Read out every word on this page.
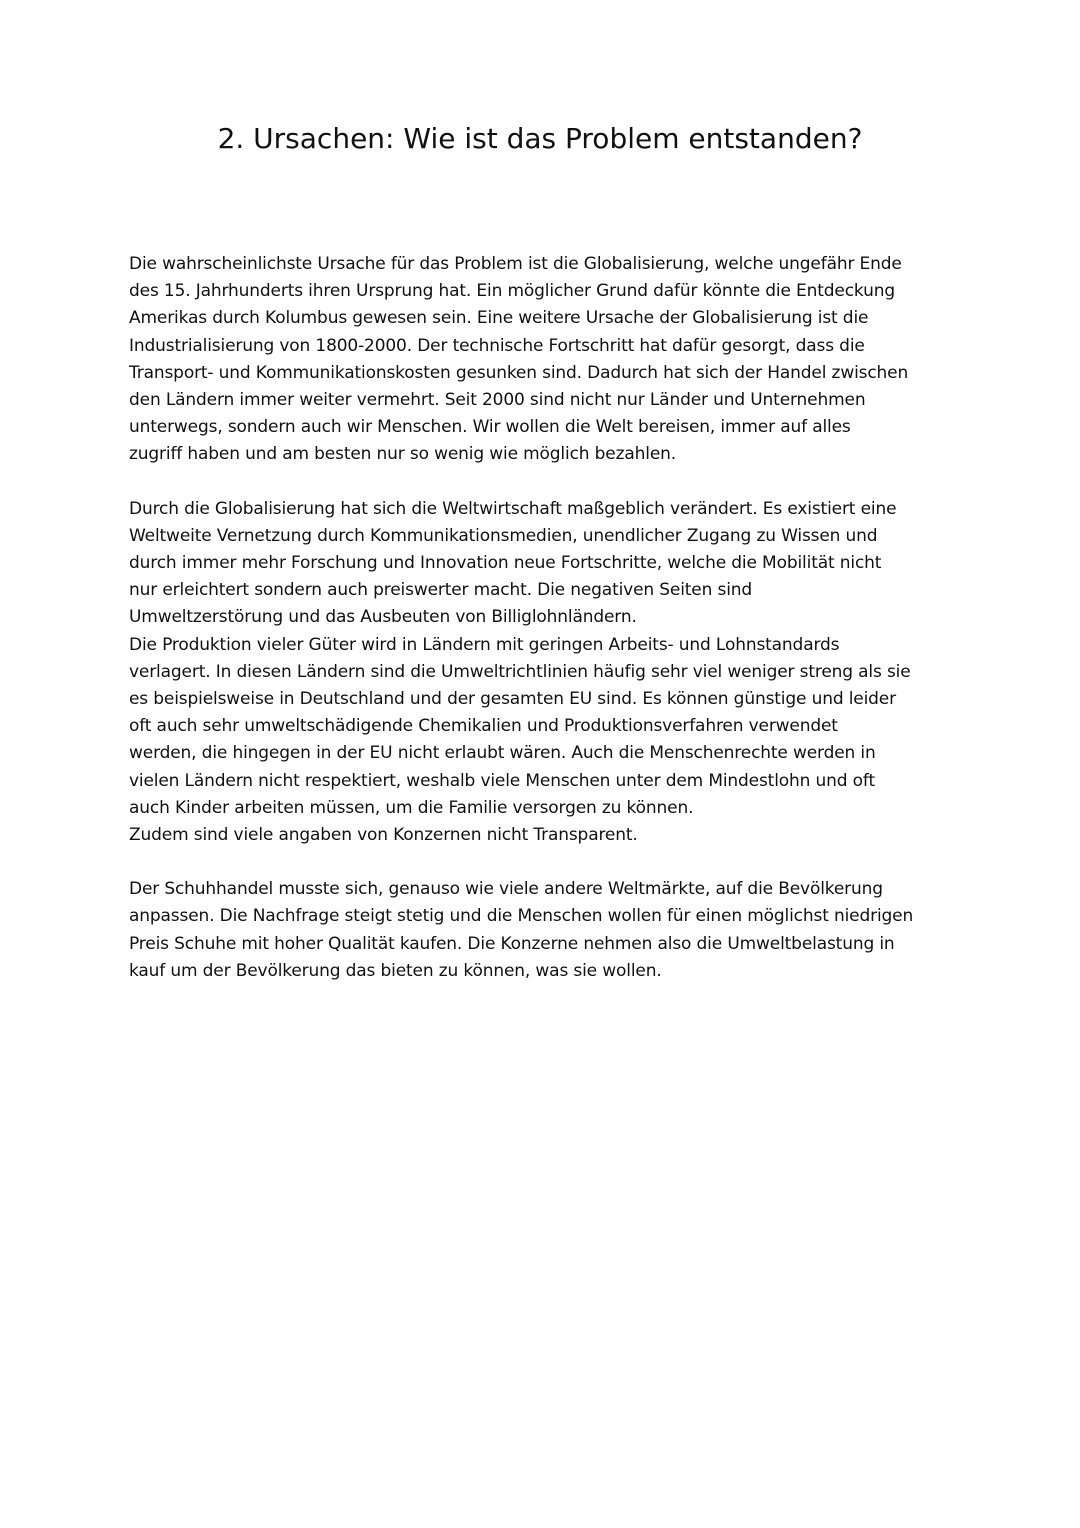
2. Ursachen: Wie ist das Problem entstanden?

Die wahrscheinlichste Ursache für das Problem ist die Globalisierung, welche ungefähr Ende
des 15. Jahrhunderts ihren Ursprung hat. Ein möglicher Grund dafür könnte die Entdeckung
Amerikas durch Kolumbus gewesen sein. Eine weitere Ursache der Globalisierung ist die
Industrialisierung von 1800-2000. Der technische Fortschritt hat dafür gesorgt, dass die
Transport- und Kommunikationskosten gesunken sind. Dadurch hat sich der Handel zwischen
den Ländern immer weiter vermehrt. Seit 2000 sind nicht nur Länder und Unternehmen
unterwegs, sondern auch wir Menschen. Wir wollen die Welt bereisen, immer auf alles
zugriff haben und am besten nur so wenig wie möglich bezahlen.

Durch die Globalisierung hat sich die Weltwirtschaft maßgeblich verändert. Es existiert eine
Weltweite Vernetzung durch Kommunikationsmedien, unendlicher Zugang zu Wissen und
durch immer mehr Forschung und Innovation neue Fortschritte, welche die Mobilität nicht
nur erleichtert sondern auch preiswerter macht. Die negativen Seiten sind
Umweltzerstörung und das Ausbeuten von Billiglohnländern.
Die Produktion vieler Güter wird in Ländern mit geringen Arbeits- und Lohnstandards
verlagert. In diesen Ländern sind die Umweltrichtlinien häufig sehr viel weniger streng als sie
es beispielsweise in Deutschland und der gesamten EU sind. Es können günstige und leider
oft auch sehr umweltschädigende Chemikalien und Produktionsverfahren verwendet
werden, die hingegen in der EU nicht erlaubt wären. Auch die Menschenrechte werden in
vielen Ländern nicht respektiert, weshalb viele Menschen unter dem Mindestlohn und oft
auch Kinder arbeiten müssen, um die Familie versorgen zu können.
Zudem sind viele angaben von Konzernen nicht Transparent.

Der Schuhhandel musste sich, genauso wie viele andere Weltmärkte, auf die Bevölkerung
anpassen. Die Nachfrage steigt stetig und die Menschen wollen für einen möglichst niedrigen
Preis Schuhe mit hoher Qualität kaufen. Die Konzerne nehmen also die Umweltbelastung in
kauf um der Bevölkerung das bieten zu können, was sie wollen.
